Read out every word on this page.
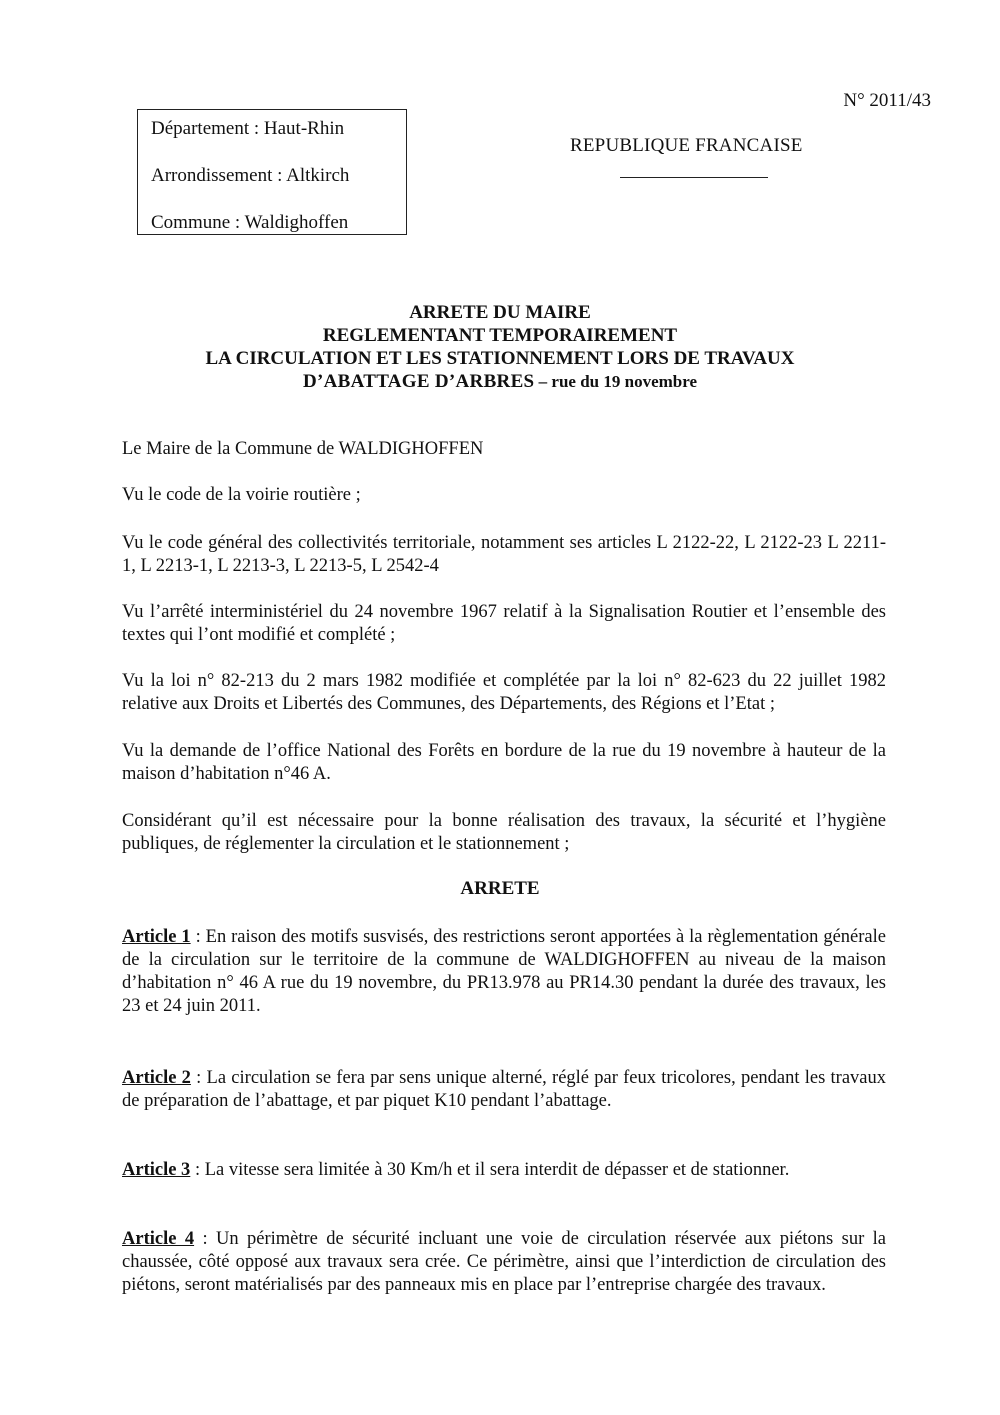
N° 2011/43
Département : Haut-Rhin
Arrondissement : Altkirch
Commune : Waldighoffen
REPUBLIQUE FRANCAISE
ARRETE DU MAIRE
REGLEMENTANT TEMPORAIREMENT
LA CIRCULATION ET LES STATIONNEMENT LORS DE TRAVAUX
D’ABATTAGE D’ARBRES – rue du 19 novembre

Le Maire de la Commune de WALDIGHOFFEN

Vu le code de la voirie routière ;

Vu le code général des collectivités territoriale, notamment ses articles L 2122-22, L 2122-23 L 2211-1, L 2213-1, L 2213-3, L 2213-5, L 2542-4

Vu l’arrêté interministériel du 24 novembre 1967 relatif à la Signalisation Routier et l’ensemble des textes qui l’ont modifié et complété ;

Vu la loi n° 82-213 du 2 mars 1982 modifiée et complétée par la loi n° 82-623 du 22 juillet 1982 relative aux Droits et Libertés des Communes, des Départements, des Régions et l’Etat ;

Vu la demande de l’office National des Forêts en bordure de la rue du 19 novembre à hauteur de la maison d’habitation n°46 A.

Considérant qu’il est nécessaire pour la bonne réalisation des travaux, la sécurité et l’hygiène publiques, de réglementer la circulation et le stationnement ;

ARRETE

Article 1 : En raison des motifs susvisés, des restrictions seront apportées à la règlementation générale de la circulation sur le territoire de la commune de WALDIGHOFFEN au niveau de la maison d’habitation n° 46 A rue du 19 novembre, du PR13.978 au PR14.30 pendant la durée des travaux, les 23 et 24 juin 2011.

Article 2 : La circulation se fera par sens unique alterné, réglé par feux tricolores, pendant les travaux de préparation de l’abattage, et par piquet K10 pendant l’abattage.

Article 3 : La vitesse sera limitée à 30 Km/h et il sera interdit de dépasser et de stationner.

Article 4 : Un périmètre de sécurité incluant une voie de circulation réservée aux piétons sur la chaussée, côté opposé aux travaux sera crée. Ce périmètre, ainsi que l’interdiction de circulation des piétons, seront matérialisés par des panneaux mis en place par l’entreprise chargée des travaux.
